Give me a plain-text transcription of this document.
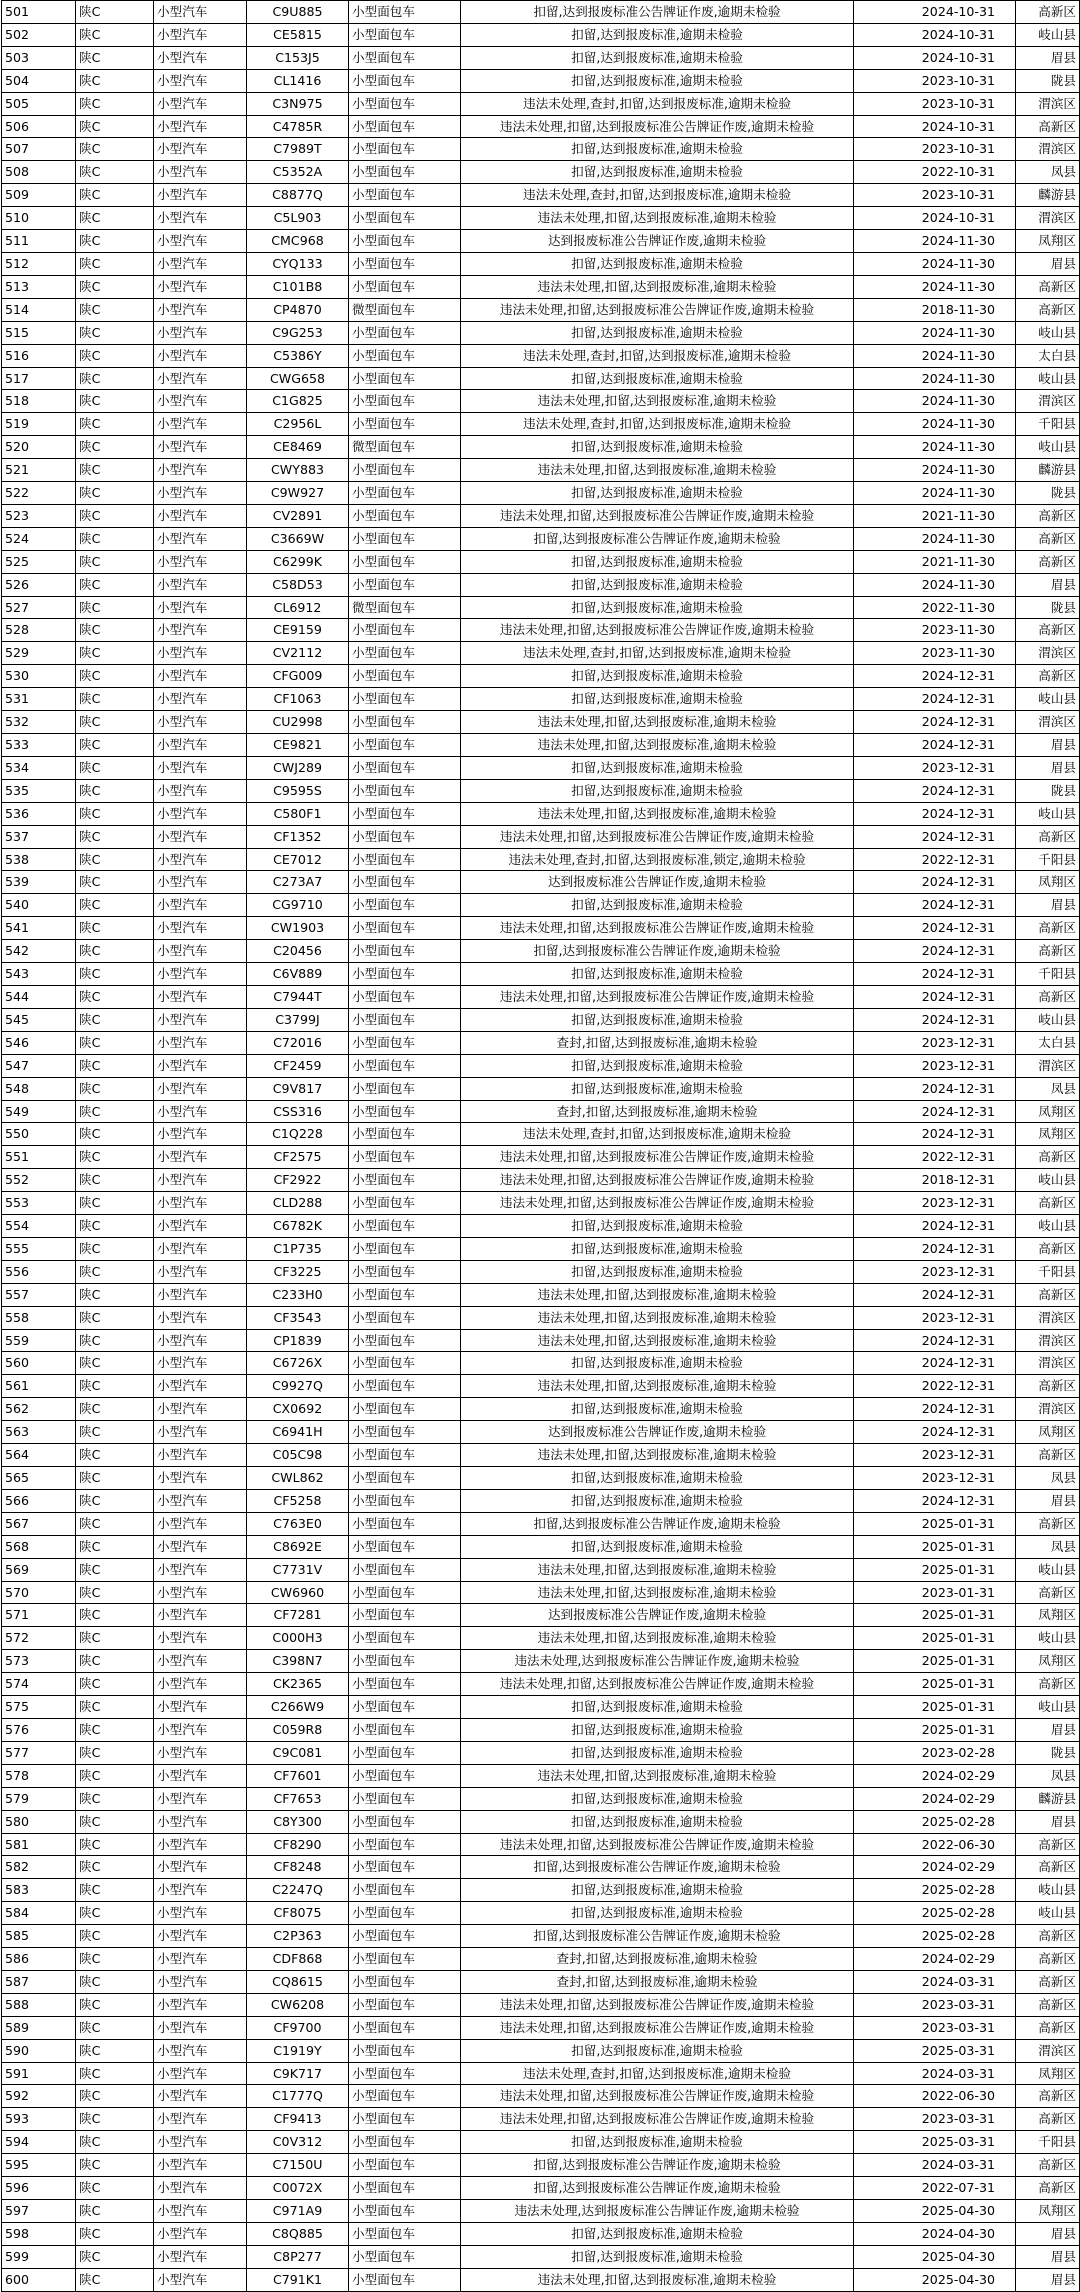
501	陕C	小型汽车	C9U885	小型面包车	扣留,达到报废标准公告牌证作废,逾期未检验	2024-10-31	高新区
502	陕C	小型汽车	CE5815	小型面包车	扣留,达到报废标准,逾期未检验	2024-10-31	岐山县
503	陕C	小型汽车	C153J5	小型面包车	扣留,达到报废标准,逾期未检验	2024-10-31	眉县
504	陕C	小型汽车	CL1416	小型面包车	扣留,达到报废标准,逾期未检验	2023-10-31	陇县
505	陕C	小型汽车	C3N975	小型面包车	违法未处理,查封,扣留,达到报废标准,逾期未检验	2023-10-31	渭滨区
506	陕C	小型汽车	C4785R	小型面包车	违法未处理,扣留,达到报废标准公告牌证作废,逾期未检验	2024-10-31	高新区
507	陕C	小型汽车	C7989T	小型面包车	扣留,达到报废标准,逾期未检验	2023-10-31	渭滨区
508	陕C	小型汽车	C5352A	小型面包车	扣留,达到报废标准,逾期未检验	2022-10-31	凤县
509	陕C	小型汽车	C8877Q	小型面包车	违法未处理,查封,扣留,达到报废标准,逾期未检验	2023-10-31	麟游县
510	陕C	小型汽车	C5L903	小型面包车	违法未处理,扣留,达到报废标准,逾期未检验	2024-10-31	渭滨区
511	陕C	小型汽车	CMC968	小型面包车	达到报废标准公告牌证作废,逾期未检验	2024-11-30	凤翔区
512	陕C	小型汽车	CYQ133	小型面包车	扣留,达到报废标准,逾期未检验	2024-11-30	眉县
513	陕C	小型汽车	C101B8	小型面包车	违法未处理,扣留,达到报废标准,逾期未检验	2024-11-30	高新区
514	陕C	小型汽车	CP4870	微型面包车	违法未处理,扣留,达到报废标准公告牌证作废,逾期未检验	2018-11-30	高新区
515	陕C	小型汽车	C9G253	小型面包车	扣留,达到报废标准,逾期未检验	2024-11-30	岐山县
516	陕C	小型汽车	C5386Y	小型面包车	违法未处理,查封,扣留,达到报废标准,逾期未检验	2024-11-30	太白县
517	陕C	小型汽车	CWG658	小型面包车	扣留,达到报废标准,逾期未检验	2024-11-30	岐山县
518	陕C	小型汽车	C1G825	小型面包车	违法未处理,扣留,达到报废标准,逾期未检验	2024-11-30	渭滨区
519	陕C	小型汽车	C2956L	小型面包车	违法未处理,查封,扣留,达到报废标准,逾期未检验	2024-11-30	千阳县
520	陕C	小型汽车	CE8469	微型面包车	扣留,达到报废标准,逾期未检验	2024-11-30	岐山县
521	陕C	小型汽车	CWY883	小型面包车	违法未处理,扣留,达到报废标准,逾期未检验	2024-11-30	麟游县
522	陕C	小型汽车	C9W927	小型面包车	扣留,达到报废标准,逾期未检验	2024-11-30	陇县
523	陕C	小型汽车	CV2891	小型面包车	违法未处理,扣留,达到报废标准公告牌证作废,逾期未检验	2021-11-30	高新区
524	陕C	小型汽车	C3669W	小型面包车	扣留,达到报废标准公告牌证作废,逾期未检验	2024-11-30	高新区
525	陕C	小型汽车	C6299K	小型面包车	扣留,达到报废标准,逾期未检验	2021-11-30	高新区
526	陕C	小型汽车	C58D53	小型面包车	扣留,达到报废标准,逾期未检验	2024-11-30	眉县
527	陕C	小型汽车	CL6912	微型面包车	扣留,达到报废标准,逾期未检验	2022-11-30	陇县
528	陕C	小型汽车	CE9159	小型面包车	违法未处理,扣留,达到报废标准公告牌证作废,逾期未检验	2023-11-30	高新区
529	陕C	小型汽车	CV2112	小型面包车	违法未处理,查封,扣留,达到报废标准,逾期未检验	2023-11-30	渭滨区
530	陕C	小型汽车	CFG009	小型面包车	扣留,达到报废标准,逾期未检验	2024-12-31	高新区
531	陕C	小型汽车	CF1063	小型面包车	扣留,达到报废标准,逾期未检验	2024-12-31	岐山县
532	陕C	小型汽车	CU2998	小型面包车	违法未处理,扣留,达到报废标准,逾期未检验	2024-12-31	渭滨区
533	陕C	小型汽车	CE9821	小型面包车	违法未处理,扣留,达到报废标准,逾期未检验	2024-12-31	眉县
534	陕C	小型汽车	CWJ289	小型面包车	扣留,达到报废标准,逾期未检验	2023-12-31	眉县
535	陕C	小型汽车	C9595S	小型面包车	扣留,达到报废标准,逾期未检验	2024-12-31	陇县
536	陕C	小型汽车	C580F1	小型面包车	违法未处理,扣留,达到报废标准,逾期未检验	2024-12-31	岐山县
537	陕C	小型汽车	CF1352	小型面包车	违法未处理,扣留,达到报废标准公告牌证作废,逾期未检验	2024-12-31	高新区
538	陕C	小型汽车	CE7012	小型面包车	违法未处理,查封,扣留,达到报废标准,锁定,逾期未检验	2022-12-31	千阳县
539	陕C	小型汽车	C273A7	小型面包车	达到报废标准公告牌证作废,逾期未检验	2024-12-31	凤翔区
540	陕C	小型汽车	CG9710	小型面包车	扣留,达到报废标准,逾期未检验	2024-12-31	眉县
541	陕C	小型汽车	CW1903	小型面包车	违法未处理,扣留,达到报废标准公告牌证作废,逾期未检验	2024-12-31	高新区
542	陕C	小型汽车	C20456	小型面包车	扣留,达到报废标准公告牌证作废,逾期未检验	2024-12-31	高新区
543	陕C	小型汽车	C6V889	小型面包车	扣留,达到报废标准,逾期未检验	2024-12-31	千阳县
544	陕C	小型汽车	C7944T	小型面包车	违法未处理,扣留,达到报废标准公告牌证作废,逾期未检验	2024-12-31	高新区
545	陕C	小型汽车	C3799J	小型面包车	扣留,达到报废标准,逾期未检验	2024-12-31	岐山县
546	陕C	小型汽车	C72016	小型面包车	查封,扣留,达到报废标准,逾期未检验	2023-12-31	太白县
547	陕C	小型汽车	CF2459	小型面包车	扣留,达到报废标准,逾期未检验	2023-12-31	渭滨区
548	陕C	小型汽车	C9V817	小型面包车	扣留,达到报废标准,逾期未检验	2024-12-31	凤县
549	陕C	小型汽车	CSS316	小型面包车	查封,扣留,达到报废标准,逾期未检验	2024-12-31	凤翔区
550	陕C	小型汽车	C1Q228	小型面包车	违法未处理,查封,扣留,达到报废标准,逾期未检验	2024-12-31	凤翔区
551	陕C	小型汽车	CF2575	小型面包车	违法未处理,扣留,达到报废标准公告牌证作废,逾期未检验	2022-12-31	高新区
552	陕C	小型汽车	CF2922	小型面包车	违法未处理,扣留,达到报废标准公告牌证作废,逾期未检验	2018-12-31	岐山县
553	陕C	小型汽车	CLD288	小型面包车	违法未处理,扣留,达到报废标准公告牌证作废,逾期未检验	2023-12-31	高新区
554	陕C	小型汽车	C6782K	小型面包车	扣留,达到报废标准,逾期未检验	2024-12-31	岐山县
555	陕C	小型汽车	C1P735	小型面包车	扣留,达到报废标准,逾期未检验	2024-12-31	高新区
556	陕C	小型汽车	CF3225	小型面包车	扣留,达到报废标准,逾期未检验	2023-12-31	千阳县
557	陕C	小型汽车	C233H0	小型面包车	违法未处理,扣留,达到报废标准,逾期未检验	2024-12-31	高新区
558	陕C	小型汽车	CF3543	小型面包车	违法未处理,扣留,达到报废标准,逾期未检验	2023-12-31	渭滨区
559	陕C	小型汽车	CP1839	小型面包车	违法未处理,扣留,达到报废标准,逾期未检验	2024-12-31	渭滨区
560	陕C	小型汽车	C6726X	小型面包车	扣留,达到报废标准,逾期未检验	2024-12-31	渭滨区
561	陕C	小型汽车	C9927Q	小型面包车	违法未处理,扣留,达到报废标准,逾期未检验	2022-12-31	高新区
562	陕C	小型汽车	CX0692	小型面包车	扣留,达到报废标准,逾期未检验	2024-12-31	渭滨区
563	陕C	小型汽车	C6941H	小型面包车	达到报废标准公告牌证作废,逾期未检验	2024-12-31	凤翔区
564	陕C	小型汽车	C05C98	小型面包车	违法未处理,扣留,达到报废标准,逾期未检验	2023-12-31	高新区
565	陕C	小型汽车	CWL862	小型面包车	扣留,达到报废标准,逾期未检验	2023-12-31	凤县
566	陕C	小型汽车	CF5258	小型面包车	扣留,达到报废标准,逾期未检验	2024-12-31	眉县
567	陕C	小型汽车	C763E0	小型面包车	扣留,达到报废标准公告牌证作废,逾期未检验	2025-01-31	高新区
568	陕C	小型汽车	C8692E	小型面包车	扣留,达到报废标准,逾期未检验	2025-01-31	凤县
569	陕C	小型汽车	C7731V	小型面包车	违法未处理,扣留,达到报废标准,逾期未检验	2025-01-31	岐山县
570	陕C	小型汽车	CW6960	小型面包车	违法未处理,扣留,达到报废标准,逾期未检验	2023-01-31	高新区
571	陕C	小型汽车	CF7281	小型面包车	达到报废标准公告牌证作废,逾期未检验	2025-01-31	凤翔区
572	陕C	小型汽车	C000H3	小型面包车	违法未处理,扣留,达到报废标准,逾期未检验	2025-01-31	岐山县
573	陕C	小型汽车	C398N7	小型面包车	违法未处理,达到报废标准公告牌证作废,逾期未检验	2025-01-31	凤翔区
574	陕C	小型汽车	CK2365	小型面包车	违法未处理,扣留,达到报废标准公告牌证作废,逾期未检验	2025-01-31	高新区
575	陕C	小型汽车	C266W9	小型面包车	扣留,达到报废标准,逾期未检验	2025-01-31	岐山县
576	陕C	小型汽车	C059R8	小型面包车	扣留,达到报废标准,逾期未检验	2025-01-31	眉县
577	陕C	小型汽车	C9C081	小型面包车	扣留,达到报废标准,逾期未检验	2023-02-28	陇县
578	陕C	小型汽车	CF7601	小型面包车	违法未处理,扣留,达到报废标准,逾期未检验	2024-02-29	凤县
579	陕C	小型汽车	CF7653	小型面包车	扣留,达到报废标准,逾期未检验	2024-02-29	麟游县
580	陕C	小型汽车	C8Y300	小型面包车	扣留,达到报废标准,逾期未检验	2025-02-28	眉县
581	陕C	小型汽车	CF8290	小型面包车	违法未处理,扣留,达到报废标准公告牌证作废,逾期未检验	2022-06-30	高新区
582	陕C	小型汽车	CF8248	小型面包车	扣留,达到报废标准公告牌证作废,逾期未检验	2024-02-29	高新区
583	陕C	小型汽车	C2247Q	小型面包车	扣留,达到报废标准,逾期未检验	2025-02-28	岐山县
584	陕C	小型汽车	CF8075	小型面包车	扣留,达到报废标准,逾期未检验	2025-02-28	岐山县
585	陕C	小型汽车	C2P363	小型面包车	扣留,达到报废标准公告牌证作废,逾期未检验	2025-02-28	高新区
586	陕C	小型汽车	CDF868	小型面包车	查封,扣留,达到报废标准,逾期未检验	2024-02-29	高新区
587	陕C	小型汽车	CQ8615	小型面包车	查封,扣留,达到报废标准,逾期未检验	2024-03-31	高新区
588	陕C	小型汽车	CW6208	小型面包车	违法未处理,扣留,达到报废标准公告牌证作废,逾期未检验	2023-03-31	高新区
589	陕C	小型汽车	CF9700	小型面包车	违法未处理,扣留,达到报废标准公告牌证作废,逾期未检验	2023-03-31	高新区
590	陕C	小型汽车	C1919Y	小型面包车	扣留,达到报废标准,逾期未检验	2025-03-31	渭滨区
591	陕C	小型汽车	C9K717	小型面包车	违法未处理,查封,扣留,达到报废标准,逾期未检验	2024-03-31	凤翔区
592	陕C	小型汽车	C1777Q	小型面包车	违法未处理,扣留,达到报废标准公告牌证作废,逾期未检验	2022-06-30	高新区
593	陕C	小型汽车	CF9413	小型面包车	违法未处理,扣留,达到报废标准公告牌证作废,逾期未检验	2023-03-31	高新区
594	陕C	小型汽车	C0V312	小型面包车	扣留,达到报废标准,逾期未检验	2025-03-31	千阳县
595	陕C	小型汽车	C7150U	小型面包车	扣留,达到报废标准公告牌证作废,逾期未检验	2024-03-31	高新区
596	陕C	小型汽车	C0072X	小型面包车	扣留,达到报废标准公告牌证作废,逾期未检验	2022-07-31	高新区
597	陕C	小型汽车	C971A9	小型面包车	违法未处理,达到报废标准公告牌证作废,逾期未检验	2025-04-30	凤翔区
598	陕C	小型汽车	C8Q885	小型面包车	扣留,达到报废标准,逾期未检验	2024-04-30	眉县
599	陕C	小型汽车	C8P277	小型面包车	扣留,达到报废标准,逾期未检验	2025-04-30	眉县
600	陕C	小型汽车	C791K1	小型面包车	违法未处理,扣留,达到报废标准,逾期未检验	2025-04-30	眉县
